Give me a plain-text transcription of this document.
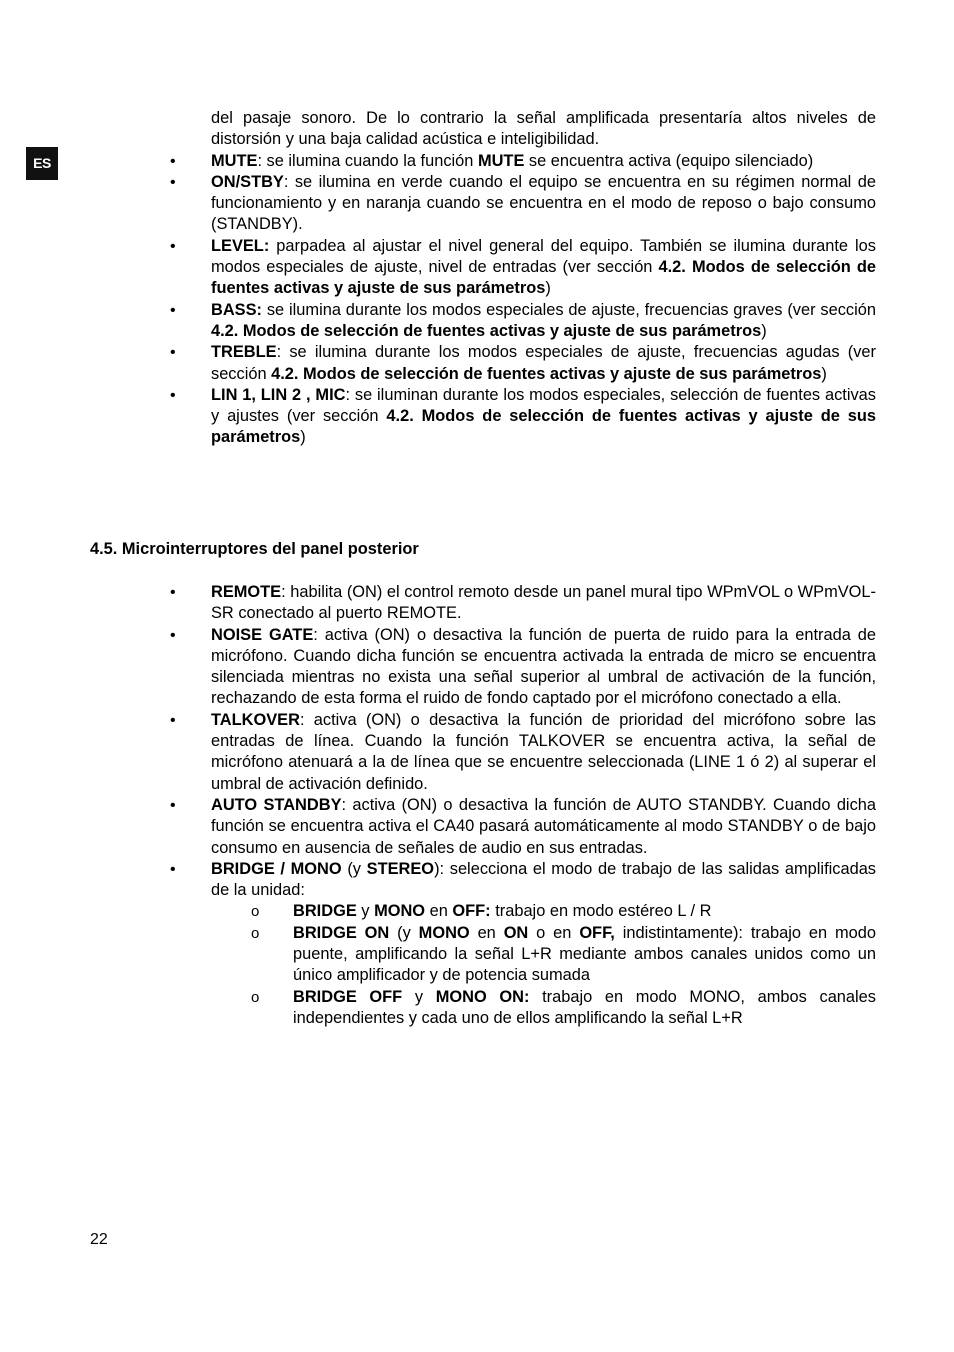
ES

del pasaje sonoro. De lo contrario la señal amplificada presentaría altos niveles de distorsión y una baja calidad acústica e inteligibilidad.

• MUTE: se ilumina cuando la función MUTE se encuentra activa (equipo silenciado)
• ON/STBY: se ilumina en verde cuando el equipo se encuentra en su régimen normal de funcionamiento y en naranja cuando se encuentra en el modo de reposo o bajo consumo (STANDBY).
• LEVEL: parpadea al ajustar el nivel general del equipo. También se ilumina durante los modos especiales de ajuste, nivel de entradas (ver sección 4.2. Modos de selección de fuentes activas y ajuste de sus parámetros)
• BASS: se ilumina durante los modos especiales de ajuste, frecuencias graves (ver sección 4.2. Modos de selección de fuentes activas y ajuste de sus parámetros)
• TREBLE: se ilumina durante los modos especiales de ajuste, frecuencias agudas (ver sección 4.2. Modos de selección de fuentes activas y ajuste de sus parámetros)
• LIN 1, LIN 2 , MIC: se iluminan durante los modos especiales, selección de fuentes activas y ajustes (ver sección 4.2. Modos de selección de fuentes activas y ajuste de sus parámetros)
4.5. Microinterruptores del panel posterior
• REMOTE: habilita (ON) el control remoto desde un panel mural tipo WPmVOL o WPmVOL-SR conectado al puerto REMOTE.
• NOISE GATE: activa (ON) o desactiva la función de puerta de ruido para la entrada de micrófono. Cuando dicha función se encuentra activada la entrada de micro se encuentra silenciada mientras no exista una señal superior al umbral de activación de la función, rechazando de esta forma el ruido de fondo captado por el micrófono conectado a ella.
• TALKOVER: activa (ON) o desactiva la función de prioridad del micrófono sobre las entradas de línea. Cuando la función TALKOVER se encuentra activa, la señal de micrófono atenuará a la de línea que se encuentre seleccionada (LINE 1 ó 2) al superar el umbral de activación definido.
• AUTO STANDBY: activa (ON) o desactiva la función de AUTO STANDBY. Cuando dicha función se encuentra activa el CA40 pasará automáticamente al modo STANDBY o de bajo consumo en ausencia de señales de audio en sus entradas.
• BRIDGE / MONO (y STEREO): selecciona el modo de trabajo de las salidas amplificadas de la unidad:
o BRIDGE y MONO en OFF: trabajo en modo estéreo L / R
o BRIDGE ON (y MONO en ON o en OFF, indistintamente): trabajo en modo puente, amplificando la señal L+R mediante ambos canales unidos como un único amplificador y de potencia sumada
o BRIDGE OFF y MONO ON: trabajo en modo MONO, ambos canales independientes y cada uno de ellos amplificando la señal L+R
22
